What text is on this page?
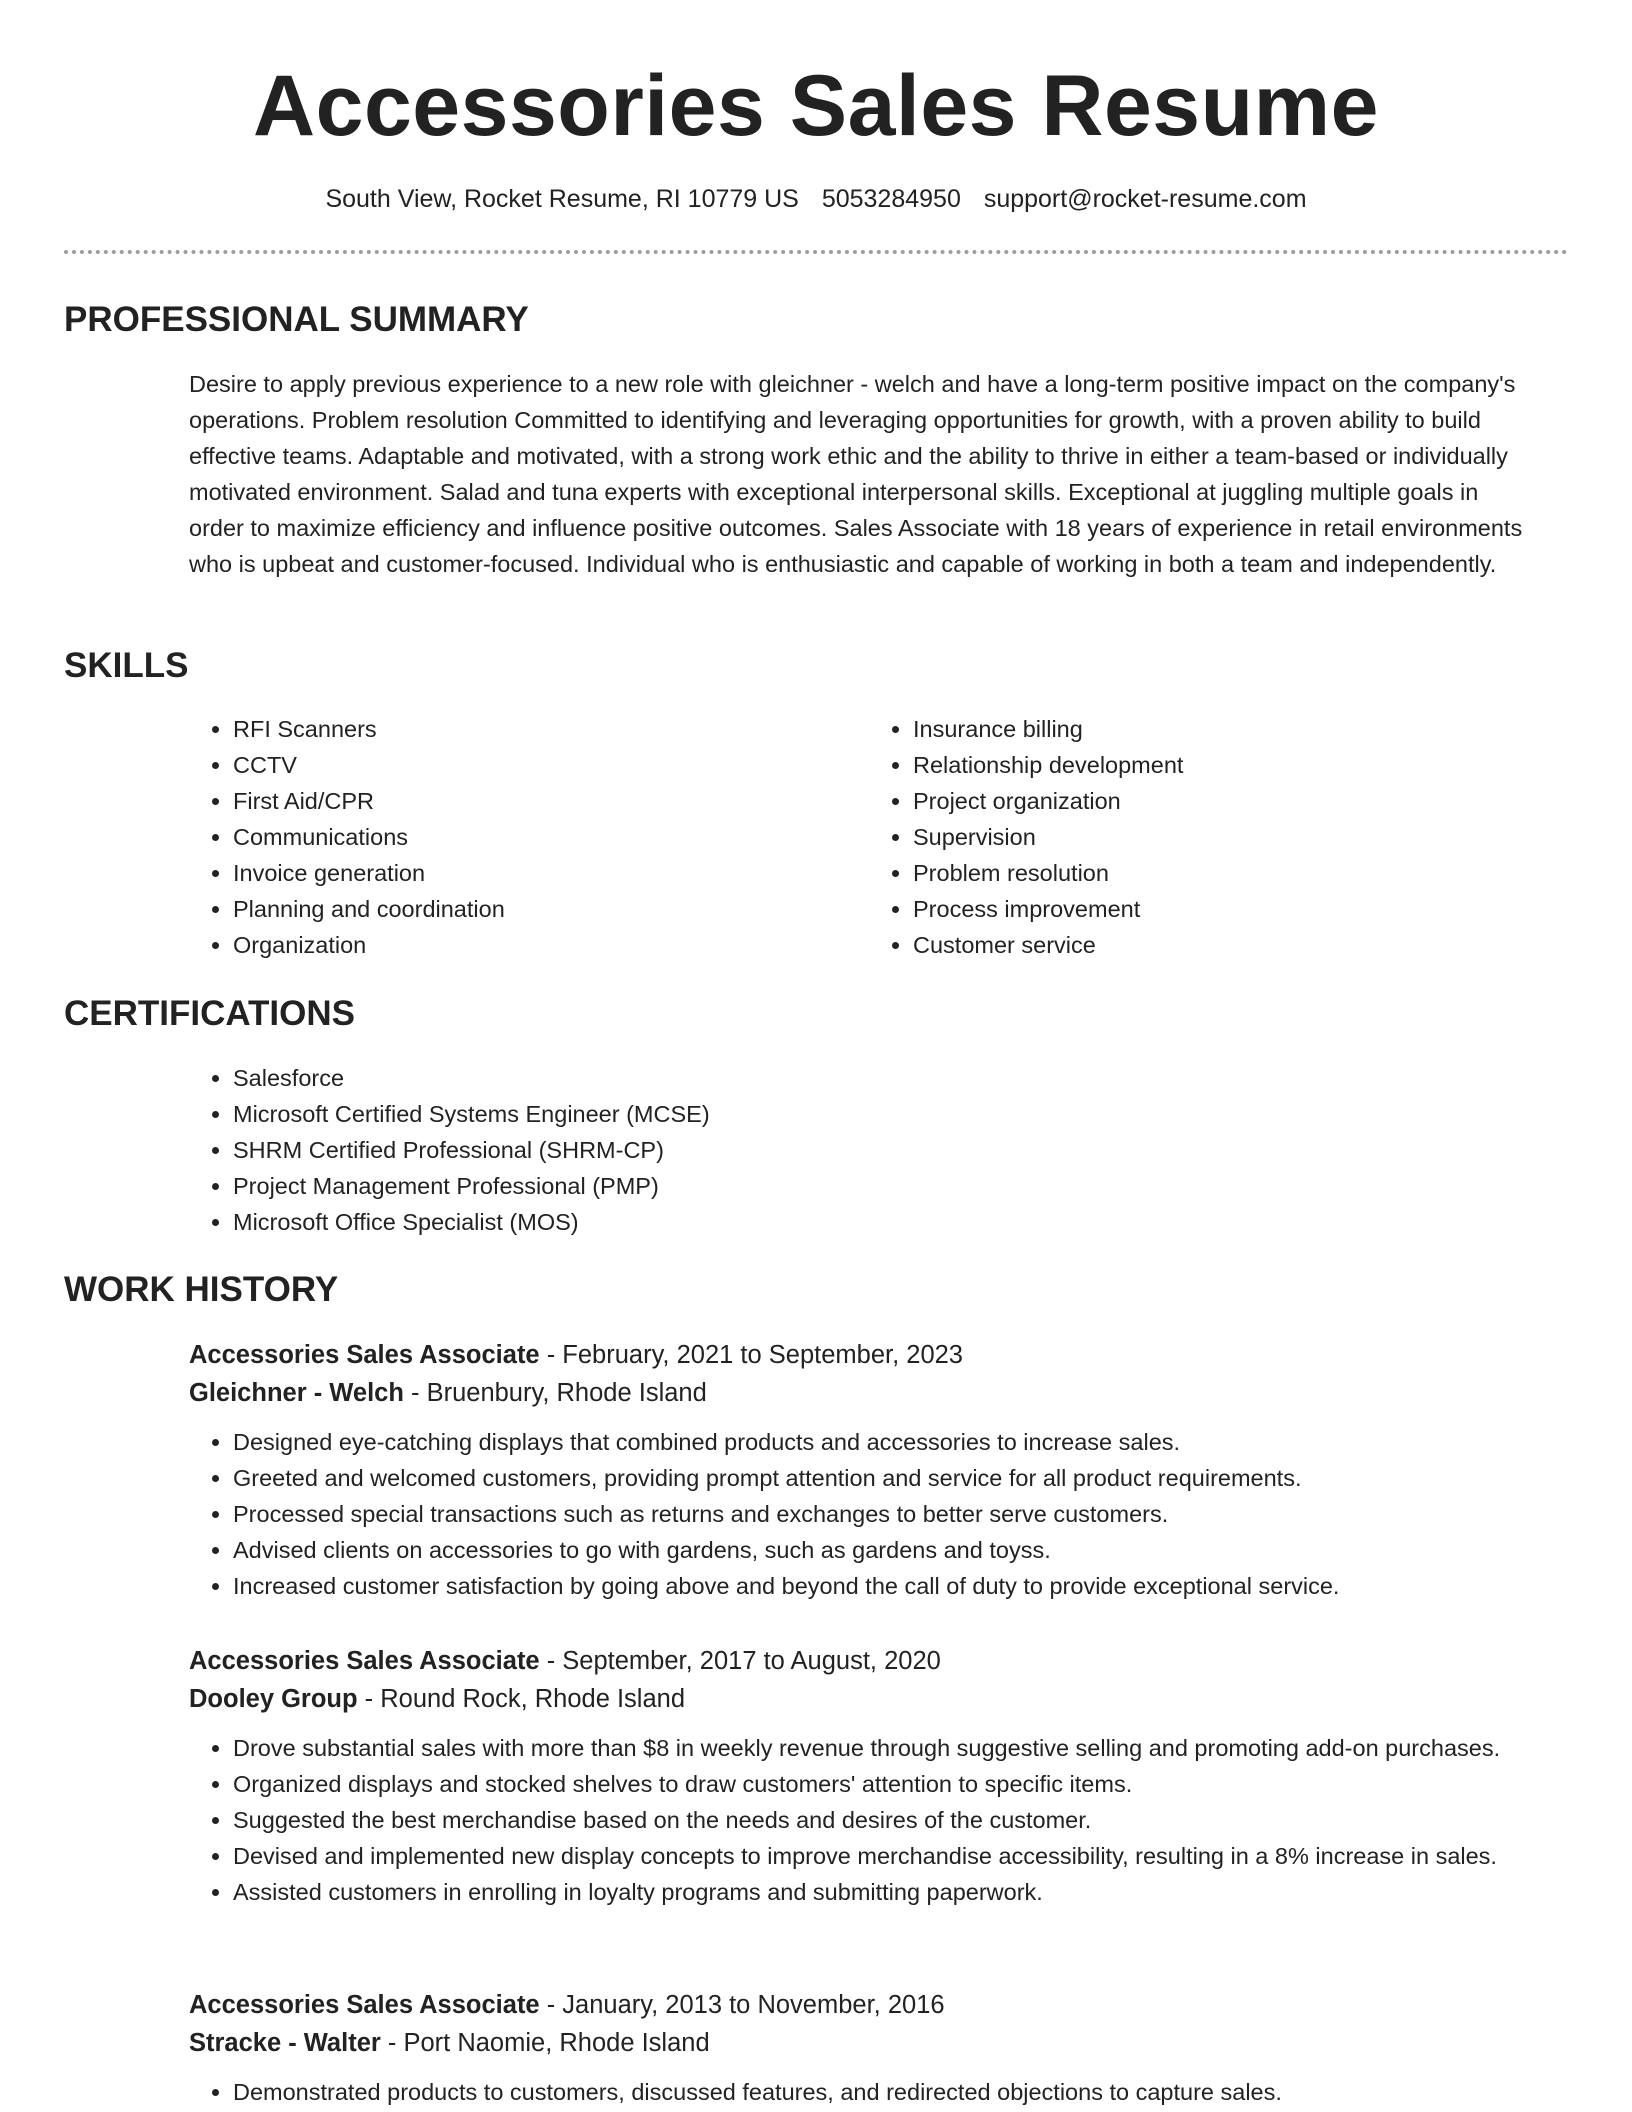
Accessories Sales Resume
South View, Rocket Resume, RI 10779 US 5053284950 support@rocket-resume.com
PROFESSIONAL SUMMARY

Desire to apply previous experience to a new role with gleichner - welch and have a long-term positive impact on the company's operations. Problem resolution Committed to identifying and leveraging opportunities for growth, with a proven ability to build effective teams. Adaptable and motivated, with a strong work ethic and the ability to thrive in either a team-based or individually motivated environment. Salad and tuna experts with exceptional interpersonal skills. Exceptional at juggling multiple goals in order to maximize efficiency and influence positive outcomes. Sales Associate with 18 years of experience in retail environments who is upbeat and customer-focused. Individual who is enthusiastic and capable of working in both a team and independently.

SKILLS
• RFI Scanners
• CCTV
• First Aid/CPR
• Communications
• Invoice generation
• Planning and coordination
• Organization
• Insurance billing
• Relationship development
• Project organization
• Supervision
• Problem resolution
• Process improvement
• Customer service
CERTIFICATIONS
• Salesforce
• Microsoft Certified Systems Engineer (MCSE)
• SHRM Certified Professional (SHRM-CP)
• Project Management Professional (PMP)
• Microsoft Office Specialist (MOS)
WORK HISTORY
Accessories Sales Associate - February, 2021 to September, 2023
Gleichner - Welch - Bruenbury, Rhode Island
• Designed eye-catching displays that combined products and accessories to increase sales.
• Greeted and welcomed customers, providing prompt attention and service for all product requirements.
• Processed special transactions such as returns and exchanges to better serve customers.
• Advised clients on accessories to go with gardens, such as gardens and toyss.
• Increased customer satisfaction by going above and beyond the call of duty to provide exceptional service.
Accessories Sales Associate - September, 2017 to August, 2020
Dooley Group - Round Rock, Rhode Island
• Drove substantial sales with more than $8 in weekly revenue through suggestive selling and promoting add-on purchases.
• Organized displays and stocked shelves to draw customers' attention to specific items.
• Suggested the best merchandise based on the needs and desires of the customer.
• Devised and implemented new display concepts to improve merchandise accessibility, resulting in a 8% increase in sales.
• Assisted customers in enrolling in loyalty programs and submitting paperwork.
Accessories Sales Associate - January, 2013 to November, 2016
Stracke - Walter - Port Naomie, Rhode Island
• Demonstrated products to customers, discussed features, and redirected objections to capture sales.
